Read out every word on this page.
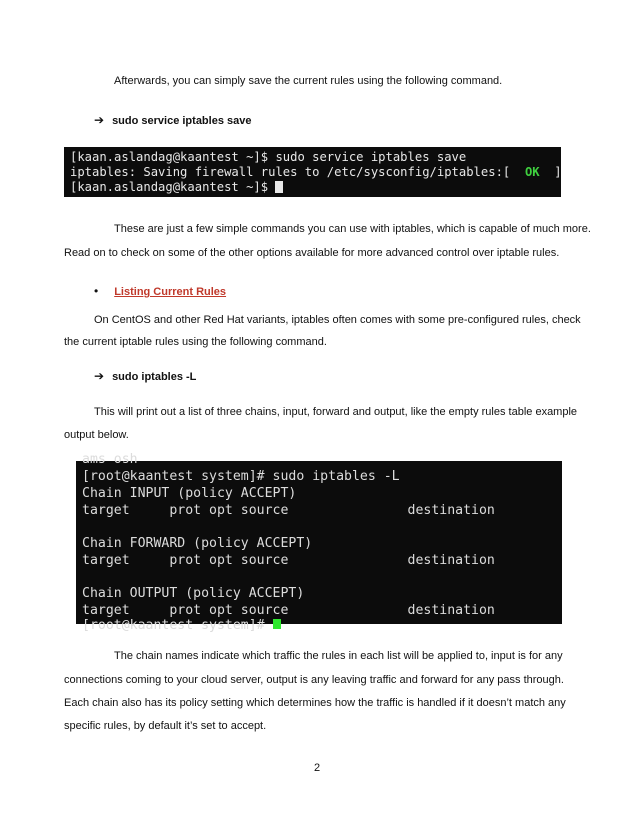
Afterwards, you can simply save the current rules using the following command.
➔ sudo service iptables save
[kaan.aslandag@kaantest ~]$ sudo service iptables save
iptables: Saving firewall rules to /etc/sysconfig/iptables:[  OK  ]
[kaan.aslandag@kaantest ~]$
These are just a few simple commands you can use with iptables, which is capable of much more.
Read on to check on some of the other options available for more advanced control over iptable rules.
• Listing Current Rules
On CentOS and other Red Hat variants, iptables often comes with some pre-configured rules, check
the current iptable rules using the following command.
➔ sudo iptables -L
This will print out a list of three chains, input, forward and output, like the empty rules table example
output below.
ams osh
[root@kaantest system]# sudo iptables -L
Chain INPUT (policy ACCEPT)
target     prot opt source               destination
Chain FORWARD (policy ACCEPT)
target     prot opt source               destination
Chain OUTPUT (policy ACCEPT)
target     prot opt source               destination
[root@kaantest system]#
The chain names indicate which traffic the rules in each list will be applied to, input is for any
connections coming to your cloud server, output is any leaving traffic and forward for any pass through.
Each chain also has its policy setting which determines how the traffic is handled if it doesn’t match any
specific rules, by default it’s set to accept.
2
